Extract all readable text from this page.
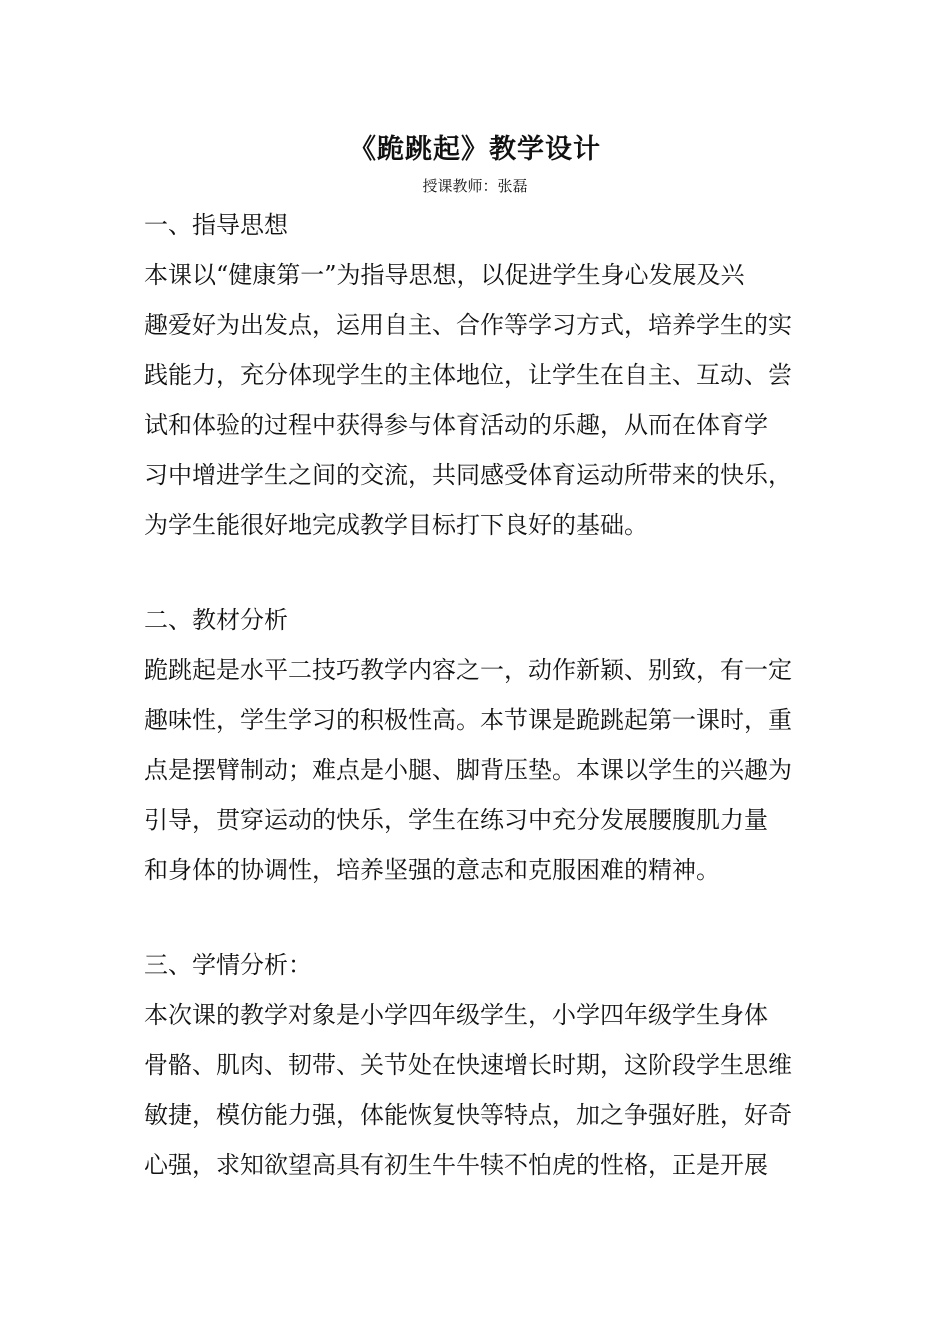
《跪跳起》教学设计
授课教师：张磊
一、指导思想
本课以“健康第一”为指导思想，以促进学生身心发展及兴
趣爱好为出发点，运用自主、合作等学习方式，培养学生的实
践能力，充分体现学生的主体地位，让学生在自主、互动、尝
试和体验的过程中获得参与体育活动的乐趣，从而在体育学
习中增进学生之间的交流，共同感受体育运动所带来的快乐，
为学生能很好地完成教学目标打下良好的基础。
二、教材分析
跪跳起是水平二技巧教学内容之一，动作新颖、别致，有一定
趣味性，学生学习的积极性高。本节课是跪跳起第一课时，重
点是摆臂制动；难点是小腿、脚背压垫。本课以学生的兴趣为
引导，贯穿运动的快乐，学生在练习中充分发展腰腹肌力量
和身体的协调性，培养坚强的意志和克服困难的精神。
三、学情分析：
本次课的教学对象是小学四年级学生，小学四年级学生身体
骨骼、肌肉、韧带、关节处在快速增长时期，这阶段学生思维
敏捷，模仿能力强，体能恢复快等特点，加之争强好胜，好奇
心强，求知欲望高具有初生牛牛犊不怕虎的性格，正是开展
